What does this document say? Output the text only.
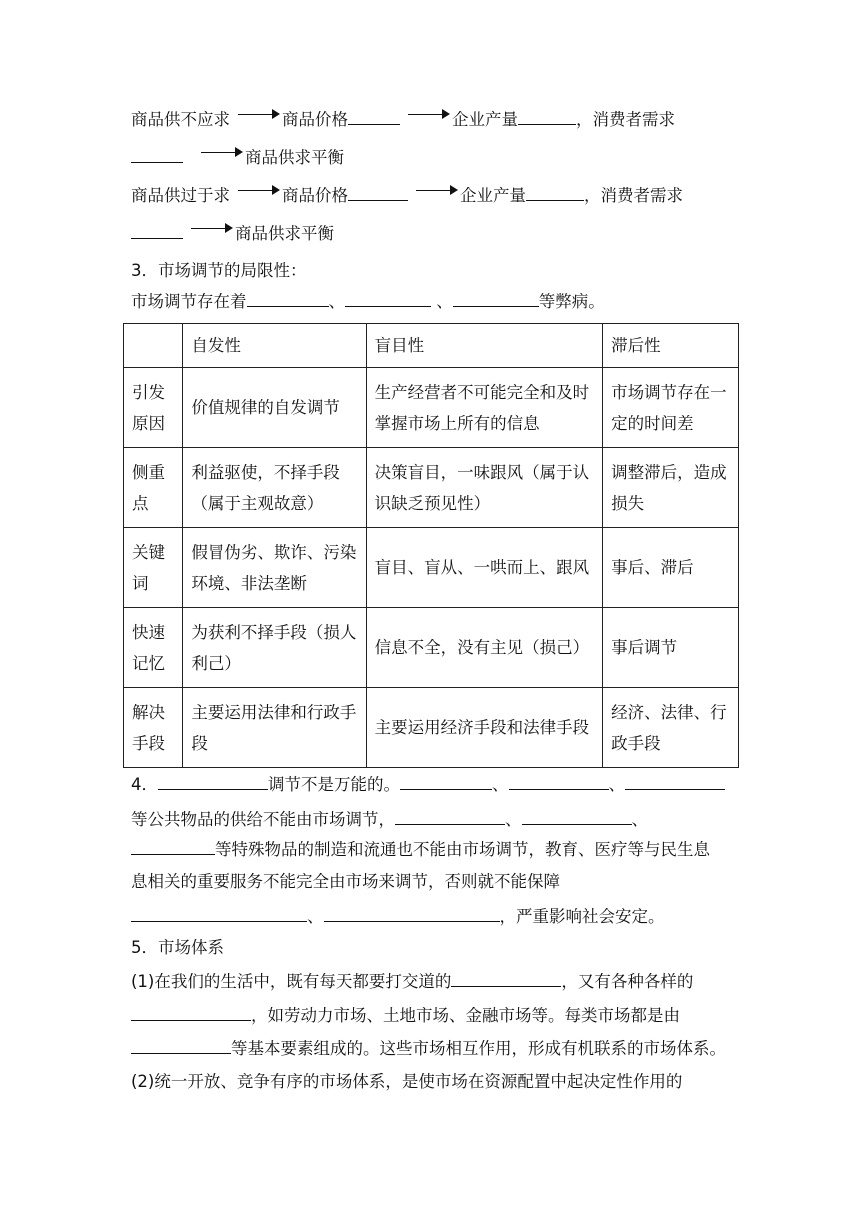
商品供不应求	商品价格	企业产量	，消费者需求
商品供求平衡
商品供过于求	商品价格	企业产量	，消费者需求
商品供求平衡
3．市场调节的局限性：
市场调节存在着	、	、	等弊病。
	自发性	盲目性	滞后性
引发原因	价值规律的自发调节	生产经营者不可能完全和及时掌握市场上所有的信息	市场调节存在一定的时间差
侧重点	利益驱使，不择手段（属于主观故意）	决策盲目，一味跟风（属于认识缺乏预见性）	调整滞后，造成损失
关键词	假冒伪劣、欺诈、污染环境、非法垄断	盲目、盲从、一哄而上、跟风	事后、滞后
快速记忆	为获利不择手段（损人利己）	信息不全，没有主见（损己）	事后调节
解决手段	主要运用法律和行政手段	主要运用经济手段和法律手段	经济、法律、行政手段
4．	调节不是万能的。	、	、
等公共物品的供给不能由市场调节，	、	、
等特殊物品的制造和流通也不能由市场调节，教育、医疗等与民生息
息相关的重要服务不能完全由市场来调节，否则就不能保障
、	，严重影响社会安定。
5．市场体系
(1)在我们的生活中，既有每天都要打交道的	，又有各种各样的
，如劳动力市场、土地市场、金融市场等。每类市场都是由
等基本要素组成的。这些市场相互作用，形成有机联系的市场体系。
(2)统一开放、竞争有序的市场体系，是使市场在资源配置中起决定性作用的
